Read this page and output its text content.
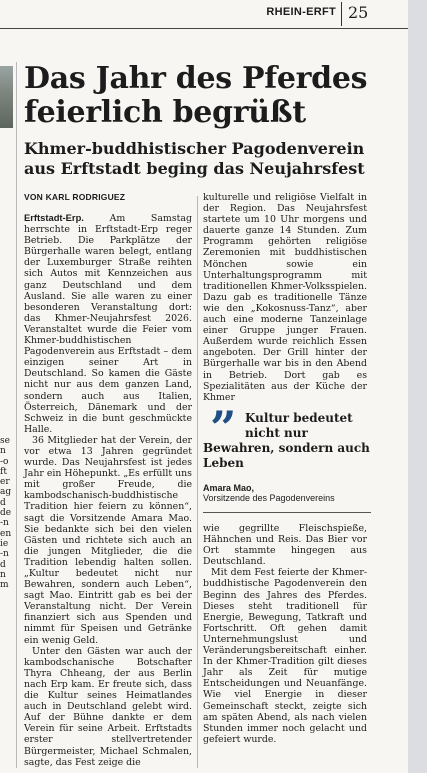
RHEIN-ERFT 25
se
n
o-
ft
er
ag
d
de
n-
en
ie
n-
d
n
m
Das Jahr des Pferdes
feierlich begrüßt
Khmer-buddhistischer Pagodenverein
aus Erftstadt beging das Neujahrsfest
VON KARL RODRIGUEZ

Erftstadt-Erp. Am Samstag herrschte in Erftstadt-Erp reger Betrieb. Die Parkplätze der Bürgerhalle waren belegt, entlang der Luxemburger Straße reihten sich Autos mit Kennzeichen aus ganz Deutschland und dem Ausland. Sie alle waren zu einer besonderen Veranstaltung dort: das Khmer-Neujahrsfest 2026. Veranstaltet wurde die Feier vom Khmer-buddhistischen Pagodenverein aus Erftstadt – dem einzigen seiner Art in Deutschland. So kamen die Gäste nicht nur aus dem ganzen Land, sondern auch aus Italien, Österreich, Dänemark und der Schweiz in die bunt geschmückte Halle.

36 Mitglieder hat der Verein, der vor etwa 13 Jahren gegründet wurde. Das Neujahrsfest ist jedes Jahr ein Höhepunkt. „Es erfüllt uns mit großer Freude, die kambodschanisch-buddhistische Tradition hier feiern zu können“, sagt die Vorsitzende Amara Mao. Sie bedankte sich bei den vielen Gästen und richtete sich auch an die jungen Mitglieder, die die Tradition lebendig halten sollen. „Kultur bedeutet nicht nur Bewahren, sondern auch Leben“, sagt Mao. Eintritt gab es bei der Veranstaltung nicht. Der Verein finanziert sich aus Spenden und nimmt für Speisen und Getränke ein wenig Geld.

Unter den Gästen war auch der kambodschanische Botschafter Thyra Chheang, der aus Berlin nach Erp kam. Er freute sich, dass die Kultur seines Heimatlandes auch in Deutschland gelebt wird. Auf der Bühne dankte er dem Verein für seine Arbeit. Erftstadts erster stellvertretender Bürgermeister, Michael Schmalen, sagte, das Fest zeige die

kulturelle und religiöse Vielfalt in der Region. Das Neujahrsfest startete um 10 Uhr morgens und dauerte ganze 14 Stunden. Zum Programm gehörten religiöse Zeremonien mit buddhistischen Mönchen sowie ein Unterhaltungsprogramm mit traditionellen Khmer-Volksspielen. Dazu gab es traditionelle Tänze wie den „Kokosnuss-Tanz“, aber auch eine moderne Tanzeinlage einer Gruppe junger Frauen. Außerdem wurde reichlich Essen angeboten. Der Grill hinter der Bürgerhalle war bis in den Abend in Betrieb. Dort gab es Spezialitäten aus der Küche der Khmer

” Kultur bedeutet
nicht nur
Bewahren, sondern auch
Leben

Amara Mao,
Vorsitzende des Pagodenvereins

wie gegrillte Fleischspieße, Hähnchen und Reis. Das Bier vor Ort stammte hingegen aus Deutschland.

Mit dem Fest feierte der Khmer-buddhistische Pagodenverein den Beginn des Jahres des Pferdes. Dieses steht traditionell für Energie, Bewegung, Tatkraft und Fortschritt. Oft gehen damit Unternehmungslust und Veränderungsbereitschaft einher. In der Khmer-Tradition gilt dieses Jahr als Zeit für mutige Entscheidungen und Neuanfänge. Wie viel Energie in dieser Gemeinschaft steckt, zeigte sich am späten Abend, als nach vielen Stunden immer noch gelacht und gefeiert wurde.
